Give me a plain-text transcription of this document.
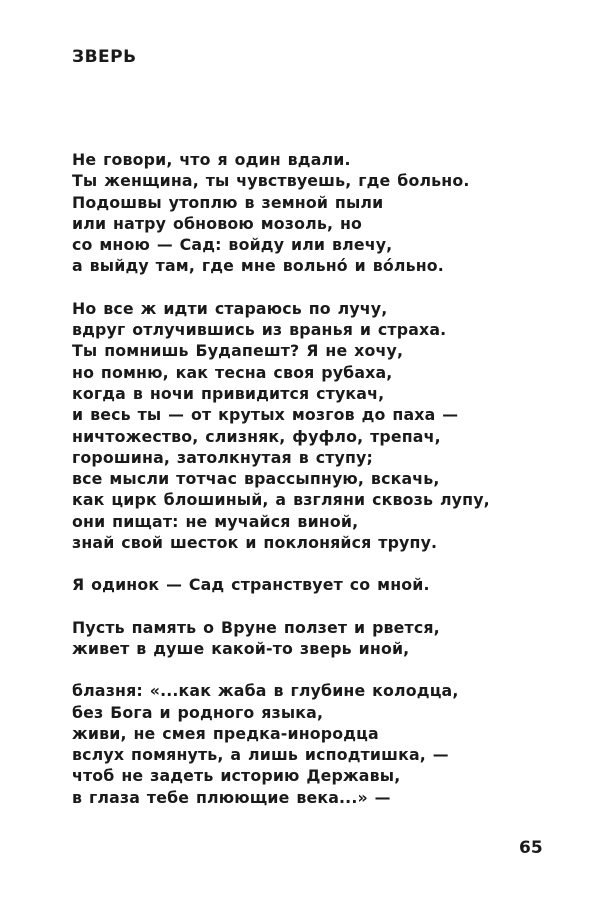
ЗВЕРЬ
Не говори, что я один вдали.
Ты женщина, ты чувствуешь, где больно.
Подошвы утоплю в земной пыли
или натру обновою мозоль, но
со мною — Сад: войду или влечу,
а выйду там, где мне вольно́ и во́льно.
Но все ж идти стараюсь по лучу,
вдруг отлучившись из вранья и страха.
Ты помнишь Будапешт? Я не хочу,
но помню, как тесна своя рубаха,
когда в ночи привидится стукач,
и весь ты — от крутых мозгов до паха —
ничтожество, слизняк, фуфло, трепач,
горошина, затолкнутая в ступу;
все мысли тотчас врассыпную, вскачь,
как цирк блошиный, а взгляни сквозь лупу,
они пищат: не мучайся виной,
знай свой шесток и поклоняйся трупу.
Я одинок — Сад странствует со мной.
Пусть память о Вруне ползет и рвется,
живет в душе какой-то зверь иной,
блазня: «...как жаба в глубине колодца,
без Бога и родного языка,
живи, не смея предка-инородца
вслух помянуть, а лишь исподтишка, —
чтоб не задеть историю Державы,
в глаза тебе плюющие века...» —
65
